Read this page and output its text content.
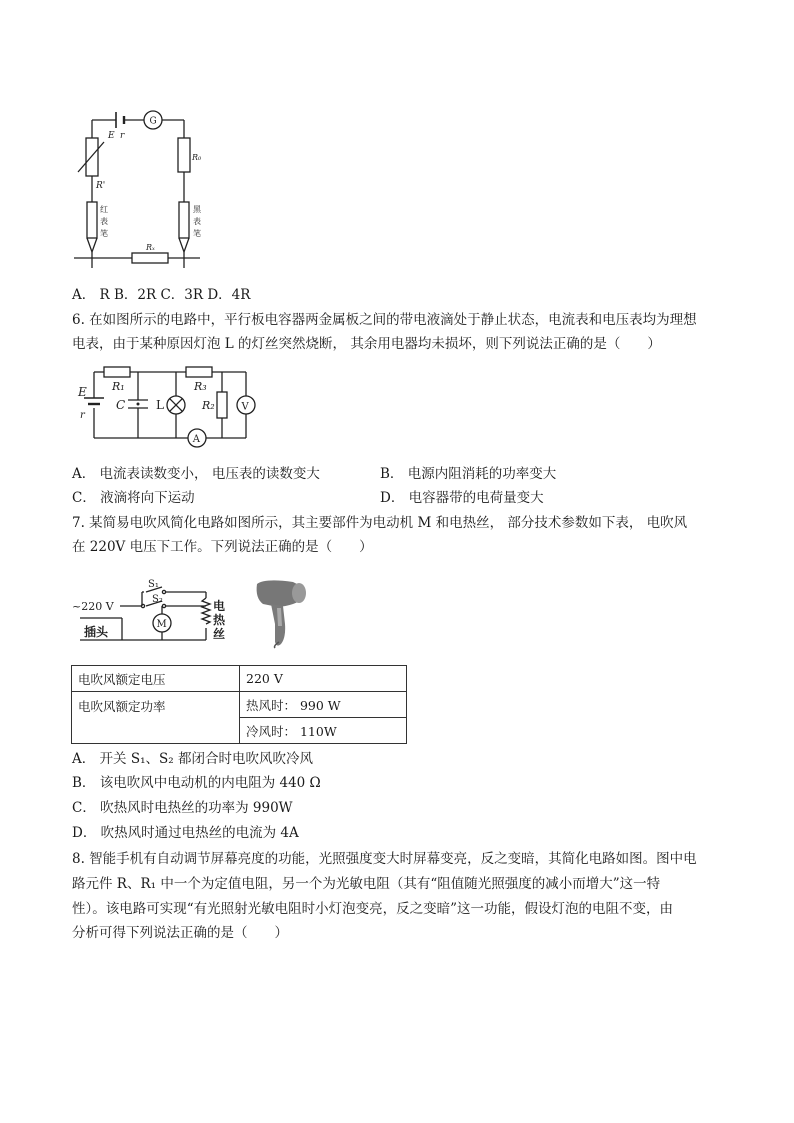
G
E r
R'
R₀
Rₓ
红
表
笔
黑
表
笔
A． R B．2R C．3R D．4R
6. 在如图所示的电路中，平行板电容器两金属板之间的带电液滴处于静止状态，电流表和电压表均为理想
电表，由于某种原因灯泡 L 的灯丝突然烧断， 其余用电器均未损坏，则下列说法正确的是（　　）
E
r
R₁	R₃
R₂
C	L	V
A
A． 电流表读数变小， 电压表的读数变大	B． 电源内阻消耗的功率变大
C． 液滴将向下运动	D． 电容器带的电荷量变大
7. 某简易电吹风简化电路如图所示，其主要部件为电动机 M 和电热丝， 部分技术参数如下表， 电吹风
在 220V 电压下工作。下列说法正确的是（　　）
~220 V
插头
S₁
S₂
M
电
热
丝
电吹风额定电压	220 V
电吹风额定功率	热风时： 990 W
	冷风时： 110W
A． 开关 S₁、S₂ 都闭合时电吹风吹冷风
B． 该电吹风中电动机的内电阻为 440 Ω
C． 吹热风时电热丝的功率为 990W
D． 吹热风时通过电热丝的电流为 4A
8. 智能手机有自动调节屏幕亮度的功能，光照强度变大时屏幕变亮，反之变暗，其简化电路如图。图中电
路元件 R、R₁ 中一个为定值电阻，另一个为光敏电阻（其有“阻值随光照强度的减小而增大”这一特
性）。该电路可实现“有光照射光敏电阻时小灯泡变亮，反之变暗”这一功能，假设灯泡的电阻不变，由
分析可得下列说法正确的是（　　）
